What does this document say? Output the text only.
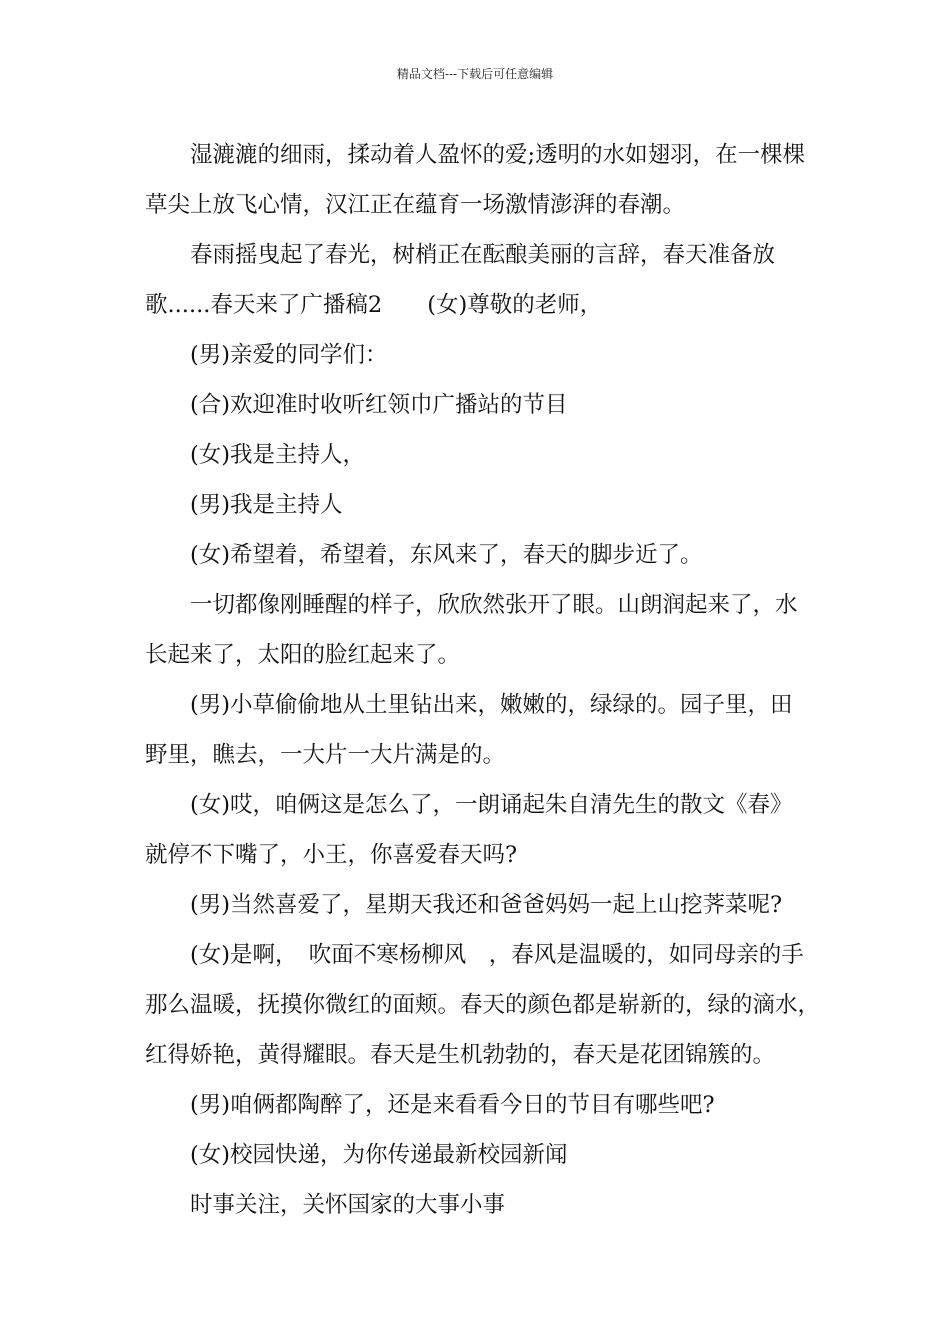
精品文档---下载后可任意编辑

湿漉漉的细雨，揉动着人盈怀的爱;透明的水如翅羽，在一棵棵

草尖上放飞心情，汉江正在蕴育一场激情澎湃的春潮。

春雨摇曳起了春光，树梢正在酝酿美丽的言辞，春天准备放

歌......春天来了广播稿2　　(女)尊敬的老师，

(男)亲爱的同学们：

(合)欢迎准时收听红领巾广播站的节目

(女)我是主持人，

(男)我是主持人

(女)希望着，希望着，东风来了，春天的脚步近了。

一切都像刚睡醒的样子，欣欣然张开了眼。山朗润起来了，水

长起来了，太阳的脸红起来了。

(男)小草偷偷地从土里钻出来，嫩嫩的，绿绿的。园子里，田

野里，瞧去，一大片一大片满是的。

(女)哎，咱俩这是怎么了，一朗诵起朱自清先生的散文《春》

就停不下嘴了，小王，你喜爱春天吗?

(男)当然喜爱了，星期天我还和爸爸妈妈一起上山挖荠菜呢?

(女)是啊，　吹面不寒杨柳风　，春风是温暖的，如同母亲的手

那么温暖，抚摸你微红的面颊。春天的颜色都是崭新的，绿的滴水，

红得娇艳，黄得耀眼。春天是生机勃勃的，春天是花团锦簇的。

(男)咱俩都陶醉了，还是来看看今日的节目有哪些吧?

(女)校园快递，为你传递最新校园新闻

时事关注，关怀国家的大事小事
